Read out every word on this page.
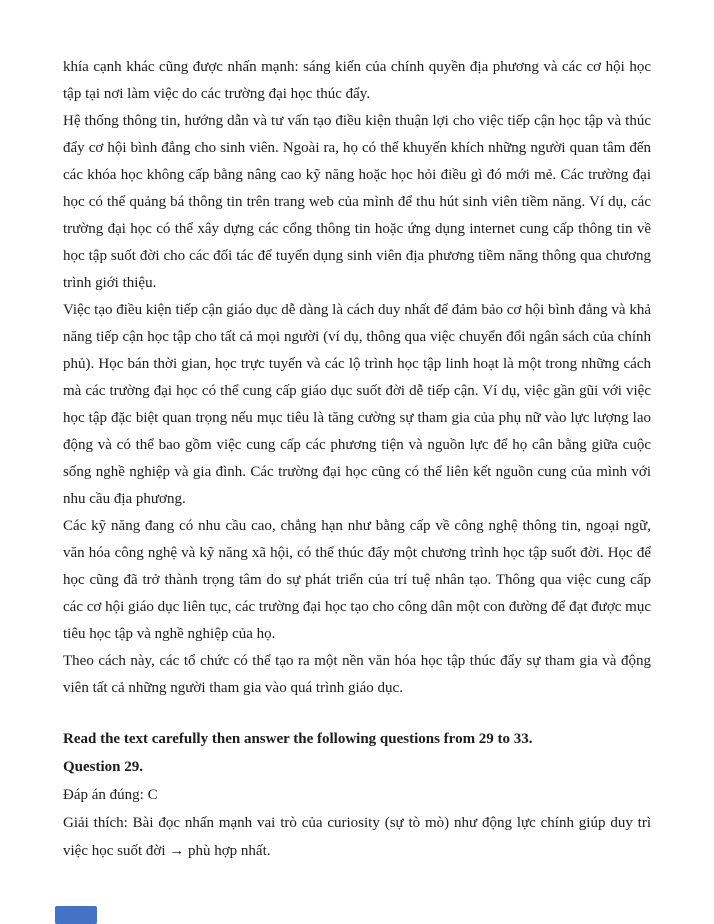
khía cạnh khác cũng được nhấn mạnh: sáng kiến của chính quyền địa phương và các cơ hội học tập tại nơi làm việc do các trường đại học thúc đẩy.

Hệ thống thông tin, hướng dẫn và tư vấn tạo điều kiện thuận lợi cho việc tiếp cận học tập và thúc đẩy cơ hội bình đẳng cho sinh viên. Ngoài ra, họ có thể khuyến khích những người quan tâm đến các khóa học không cấp bằng nâng cao kỹ năng hoặc học hỏi điều gì đó mới mẻ. Các trường đại học có thể quảng bá thông tin trên trang web của mình để thu hút sinh viên tiềm năng. Ví dụ, các trường đại học có thể xây dựng các cổng thông tin hoặc ứng dụng internet cung cấp thông tin về học tập suốt đời cho các đối tác để tuyển dụng sinh viên địa phương tiềm năng thông qua chương trình giới thiệu.

Việc tạo điều kiện tiếp cận giáo dục dễ dàng là cách duy nhất để đảm bảo cơ hội bình đẳng và khả năng tiếp cận học tập cho tất cả mọi người (ví dụ, thông qua việc chuyển đổi ngân sách của chính phủ). Học bán thời gian, học trực tuyến và các lộ trình học tập linh hoạt là một trong những cách mà các trường đại học có thể cung cấp giáo dục suốt đời dễ tiếp cận. Ví dụ, việc gần gũi với việc học tập đặc biệt quan trọng nếu mục tiêu là tăng cường sự tham gia của phụ nữ vào lực lượng lao động và có thể bao gồm việc cung cấp các phương tiện và nguồn lực để họ cân bằng giữa cuộc sống nghề nghiệp và gia đình. Các trường đại học cũng có thể liên kết nguồn cung của mình với nhu cầu địa phương.

Các kỹ năng đang có nhu cầu cao, chẳng hạn như bằng cấp về công nghệ thông tin, ngoại ngữ, văn hóa công nghệ và kỹ năng xã hội, có thể thúc đẩy một chương trình học tập suốt đời. Học để học cũng đã trở thành trọng tâm do sự phát triển của trí tuệ nhân tạo. Thông qua việc cung cấp các cơ hội giáo dục liên tục, các trường đại học tạo cho công dân một con đường để đạt được mục tiêu học tập và nghề nghiệp của họ.

Theo cách này, các tổ chức có thể tạo ra một nền văn hóa học tập thúc đẩy sự tham gia và động viên tất cả những người tham gia vào quá trình giáo dục.

Read the text carefully then answer the following questions from 29 to 33.

Question 29.

Đáp án đúng: C

Giải thích: Bài đọc nhấn mạnh vai trò của curiosity (sự tò mò) như động lực chính giúp duy trì việc học suốt đời → phù hợp nhất.
